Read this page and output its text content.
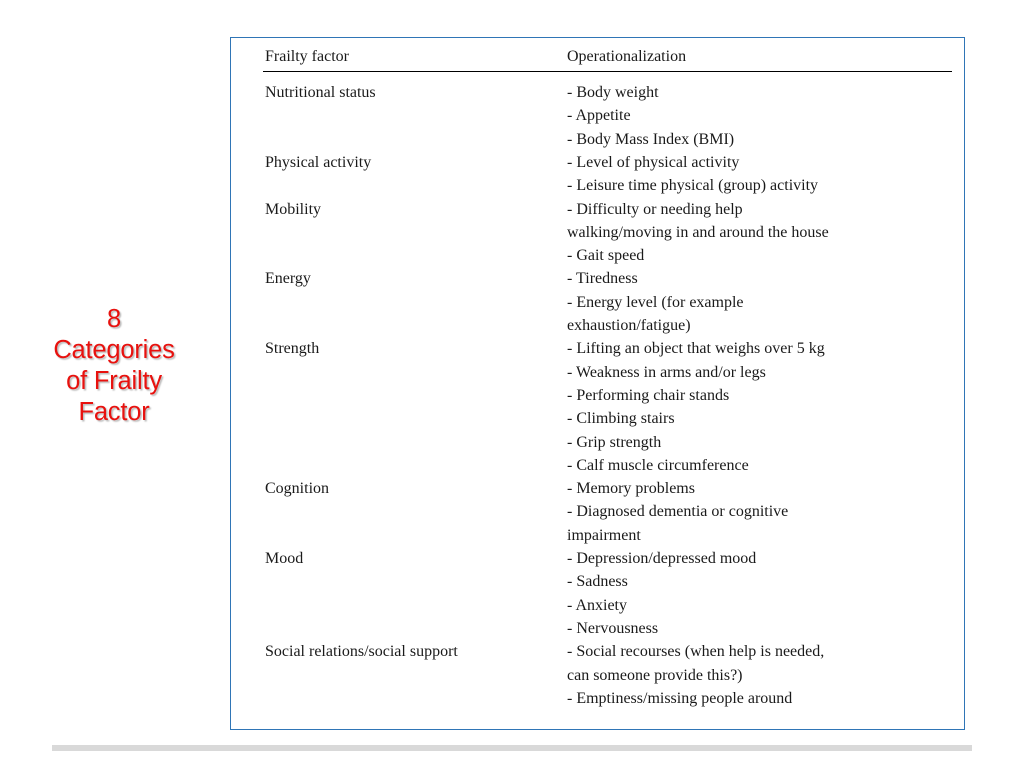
8
Categories
of Frailty
Factor
Frailty factor	Operationalization
Nutritional status	- Body weight
- Appetite
- Body Mass Index (BMI)
Physical activity	- Level of physical activity
- Leisure time physical (group) activity
Mobility	- Difficulty or needing help
walking/moving in and around the house
- Gait speed
Energy	- Tiredness
- Energy level (for example
exhaustion/fatigue)
Strength	- Lifting an object that weighs over 5 kg
- Weakness in arms and/or legs
- Performing chair stands
- Climbing stairs
- Grip strength
- Calf muscle circumference
Cognition	- Memory problems
- Diagnosed dementia or cognitive
impairment
Mood	- Depression/depressed mood
- Sadness
- Anxiety
- Nervousness
Social relations/social support	- Social recourses (when help is needed,
can someone provide this?)
- Emptiness/missing people around
